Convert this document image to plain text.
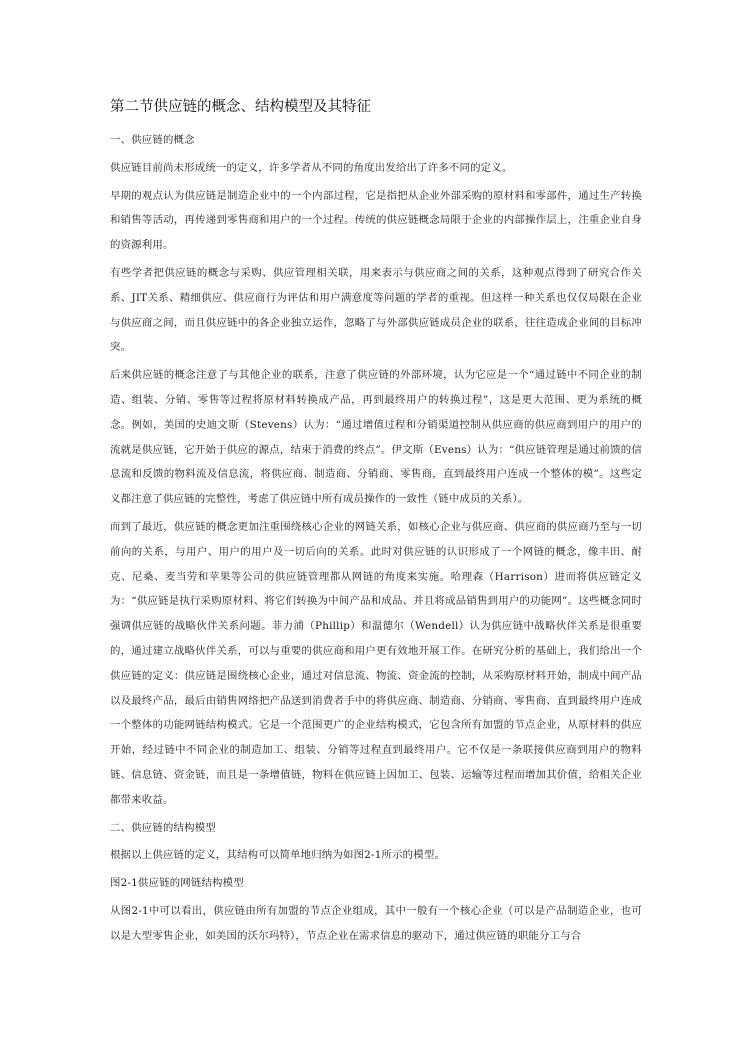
第二节供应链的概念、结构模型及其特征
一、供应链的概念
供应链目前尚未形成统一的定义，许多学者从不同的角度出发给出了许多不同的定义。
早期的观点认为供应链是制造企业中的一个内部过程，它是指把从企业外部采购的原材料和零部件，通过生产转换和销售等活动，再传递到零售商和用户的一个过程。传统的供应链概念局限于企业的内部操作层上，注重企业自身的资源利用。
有些学者把供应链的概念与采购、供应管理相关联，用来表示与供应商之间的关系，这种观点得到了研究合作关系、JIT关系、精细供应、供应商行为评估和用户满意度等问题的学者的重视。但这样一种关系也仅仅局限在企业与供应商之间，而且供应链中的各企业独立运作，忽略了与外部供应链成员企业的联系，往往造成企业间的目标冲突。
后来供应链的概念注意了与其他企业的联系，注意了供应链的外部环境，认为它应是一个“通过链中不同企业的制造、组装、分销、零售等过程将原材料转换成产品，再到最终用户的转换过程”，这是更大范围、更为系统的概念。例如，美国的史迪文斯（Stevens）认为：“通过增值过程和分销渠道控制从供应商的供应商到用户的用户的流就是供应链，它开始于供应的源点，结束于消费的终点”。伊文斯（Evens）认为：“供应链管理是通过前馈的信息流和反馈的物料流及信息流，将供应商、制造商、分销商、零售商，直到最终用户连成一个整体的模”。这些定义都注意了供应链的完整性，考虑了供应链中所有成员操作的一致性（链中成员的关系）。
而到了最近，供应链的概念更加注重围绕核心企业的网链关系，如核心企业与供应商、供应商的供应商乃至与一切前向的关系，与用户、用户的用户及一切后向的关系。此时对供应链的认识形成了一个网链的概念，像丰田、耐克、尼桑、麦当劳和苹果等公司的供应链管理都从网链的角度来实施。哈理森（Harrison）进而将供应链定义为：“供应链是执行采购原材料、将它们转换为中间产品和成品、并且将成品销售到用户的功能网”。这些概念同时强调供应链的战略伙伴关系问题。菲力浦（Phillip）和温德尔（Wendell）认为供应链中战略伙伴关系是很重要的，通过建立战略伙伴关系，可以与重要的供应商和用户更有效地开展工作。在研究分析的基础上，我们给出一个供应链的定义：供应链是围绕核心企业，通过对信息流、物流、资金流的控制，从采购原材料开始，制成中间产品以及最终产品，最后由销售网络把产品送到消费者手中的将供应商、制造商、分销商、零售商、直到最终用户连成一个整体的功能网链结构模式。它是一个范围更广的企业结构模式，它包含所有加盟的节点企业，从原材料的供应开始，经过链中不同企业的制造加工、组装、分销等过程直到最终用户。它不仅是一条联接供应商到用户的物料链、信息链、资金链，而且是一条增值链，物料在供应链上因加工、包装、运输等过程而增加其价值，给相关企业都带来收益。
二、供应链的结构模型
根据以上供应链的定义，其结构可以简单地归纳为如图2-1所示的模型。
图2-1供应链的网链结构模型
从图2-1中可以看出，供应链由所有加盟的节点企业组成，其中一般有一个核心企业（可以是产品制造企业，也可以是大型零售企业，如美国的沃尔玛特），节点企业在需求信息的驱动下，通过供应链的职能分工与合
